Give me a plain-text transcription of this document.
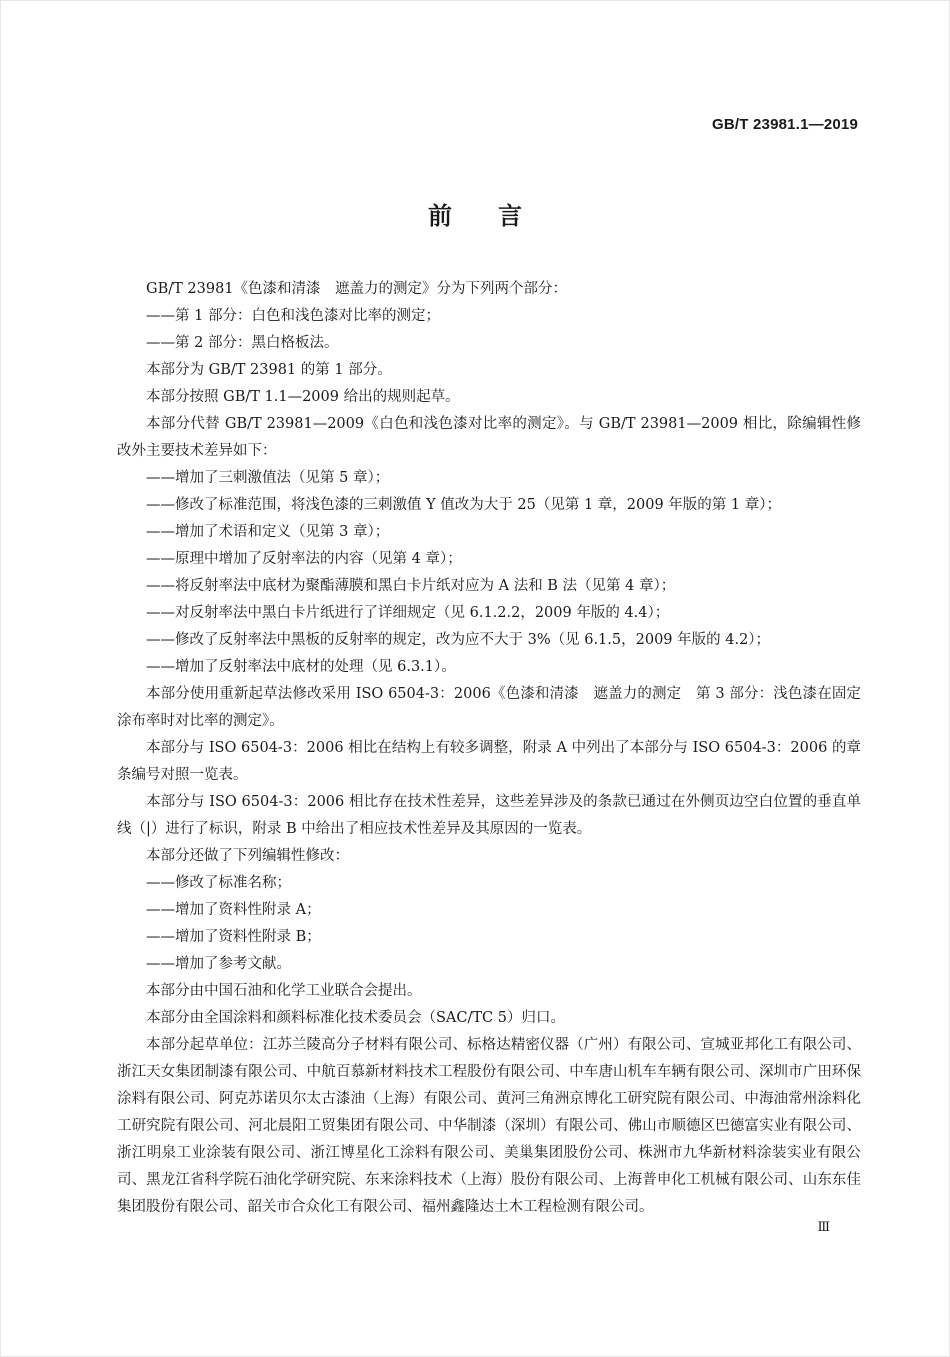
GB/T 23981.1—2019
前言

GB/T 23981《色漆和清漆　遮盖力的测定》分为下列两个部分：

——第 1 部分：白色和浅色漆对比率的测定；

——第 2 部分：黑白格板法。

本部分为 GB/T 23981 的第 1 部分。

本部分按照 GB/T 1.1—2009 给出的规则起草。

本部分代替 GB/T 23981—2009《白色和浅色漆对比率的测定》。与 GB/T 23981—2009 相比，除编辑性修改外主要技术差异如下：

——增加了三刺激值法（见第 5 章）；

——修改了标准范围，将浅色漆的三刺激值 Y 值改为大于 25（见第 1 章，2009 年版的第 1 章）；

——增加了术语和定义（见第 3 章）；

——原理中增加了反射率法的内容（见第 4 章）；

——将反射率法中底材为聚酯薄膜和黑白卡片纸对应为 A 法和 B 法（见第 4 章）；

——对反射率法中黑白卡片纸进行了详细规定（见 6.1.2.2，2009 年版的 4.4）；

——修改了反射率法中黑板的反射率的规定，改为应不大于 3%（见 6.1.5，2009 年版的 4.2）；

——增加了反射率法中底材的处理（见 6.3.1）。

本部分使用重新起草法修改采用 ISO 6504-3：2006《色漆和清漆　遮盖力的测定　第 3 部分：浅色漆在固定涂布率时对比率的测定》。

本部分与 ISO 6504-3：2006 相比在结构上有较多调整，附录 A 中列出了本部分与 ISO 6504-3：2006 的章条编号对照一览表。

本部分与 ISO 6504-3：2006 相比存在技术性差异，这些差异涉及的条款已通过在外侧页边空白位置的垂直单线（|）进行了标识，附录 B 中给出了相应技术性差异及其原因的一览表。

本部分还做了下列编辑性修改：

——修改了标准名称；

——增加了资料性附录 A；

——增加了资料性附录 B；

——增加了参考文献。

本部分由中国石油和化学工业联合会提出。

本部分由全国涂料和颜料标准化技术委员会（SAC/TC 5）归口。

本部分起草单位：江苏兰陵高分子材料有限公司、标格达精密仪器（广州）有限公司、宣城亚邦化工有限公司、浙江天女集团制漆有限公司、中航百慕新材料技术工程股份有限公司、中车唐山机车车辆有限公司、深圳市广田环保涂料有限公司、阿克苏诺贝尔太古漆油（上海）有限公司、黄河三角洲京博化工研究院有限公司、中海油常州涂料化工研究院有限公司、河北晨阳工贸集团有限公司、中华制漆（深圳）有限公司、佛山市顺德区巴德富实业有限公司、浙江明泉工业涂装有限公司、浙江博星化工涂料有限公司、美巢集团股份公司、株洲市九华新材料涂装实业有限公司、黑龙江省科学院石油化学研究院、东来涂料技术（上海）股份有限公司、上海普申化工机械有限公司、山东东佳集团股份有限公司、韶关市合众化工有限公司、福州鑫隆达土木工程检测有限公司。

Ⅲ
